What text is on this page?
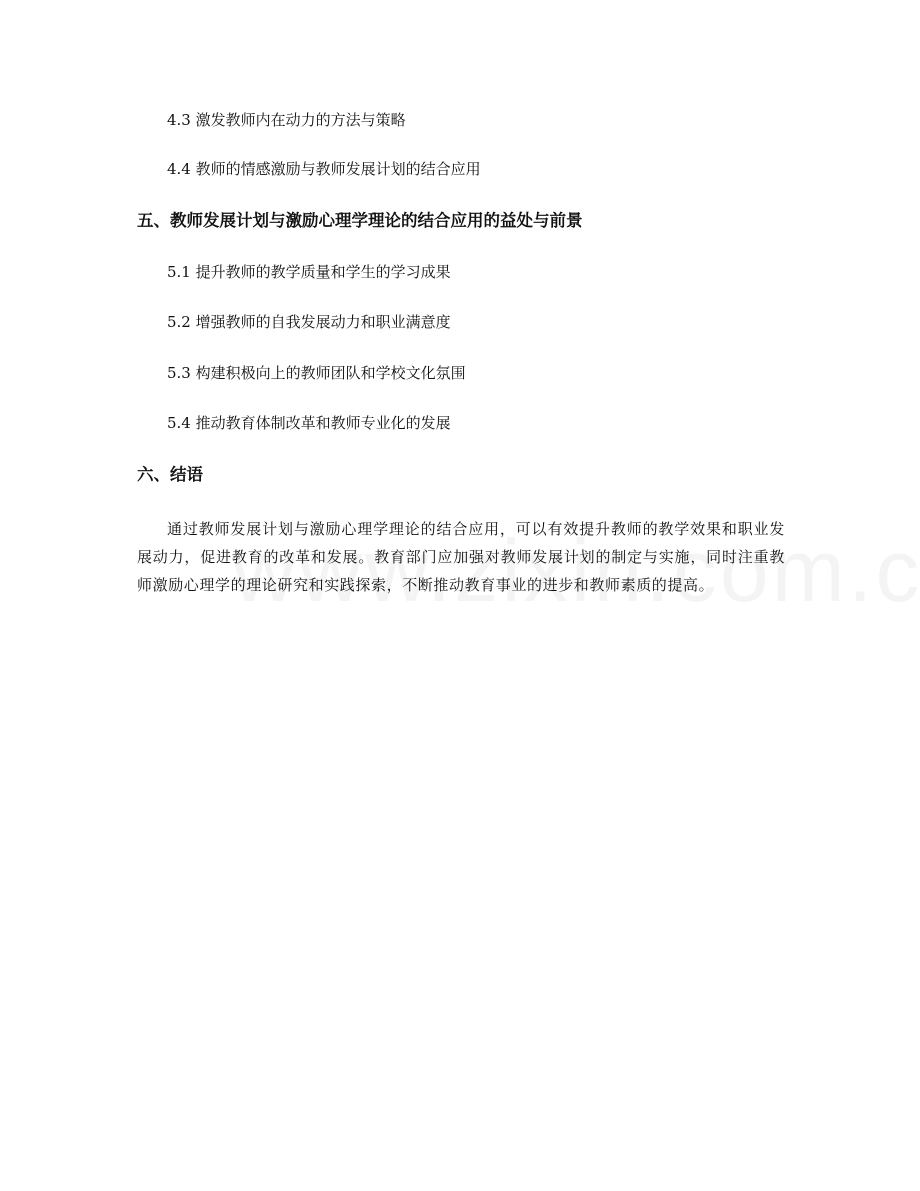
4.3 激发教师内在动力的方法与策略
4.4 教师的情感激励与教师发展计划的结合应用
五、教师发展计划与激励心理学理论的结合应用的益处与前景
5.1 提升教师的教学质量和学生的学习成果
5.2 增强教师的自我发展动力和职业满意度
5.3 构建积极向上的教师团队和学校文化氛围
5.4 推动教育体制改革和教师专业化的发展
六、结语

通过教师发展计划与激励心理学理论的结合应用，可以有效提升教师的教学效果和职业发展动力，促进教育的改革和发展。教育部门应加强对教师发展计划的制定与实施，同时注重教师激励心理学的理论研究和实践探索，不断推动教育事业的进步和教师素质的提高。
